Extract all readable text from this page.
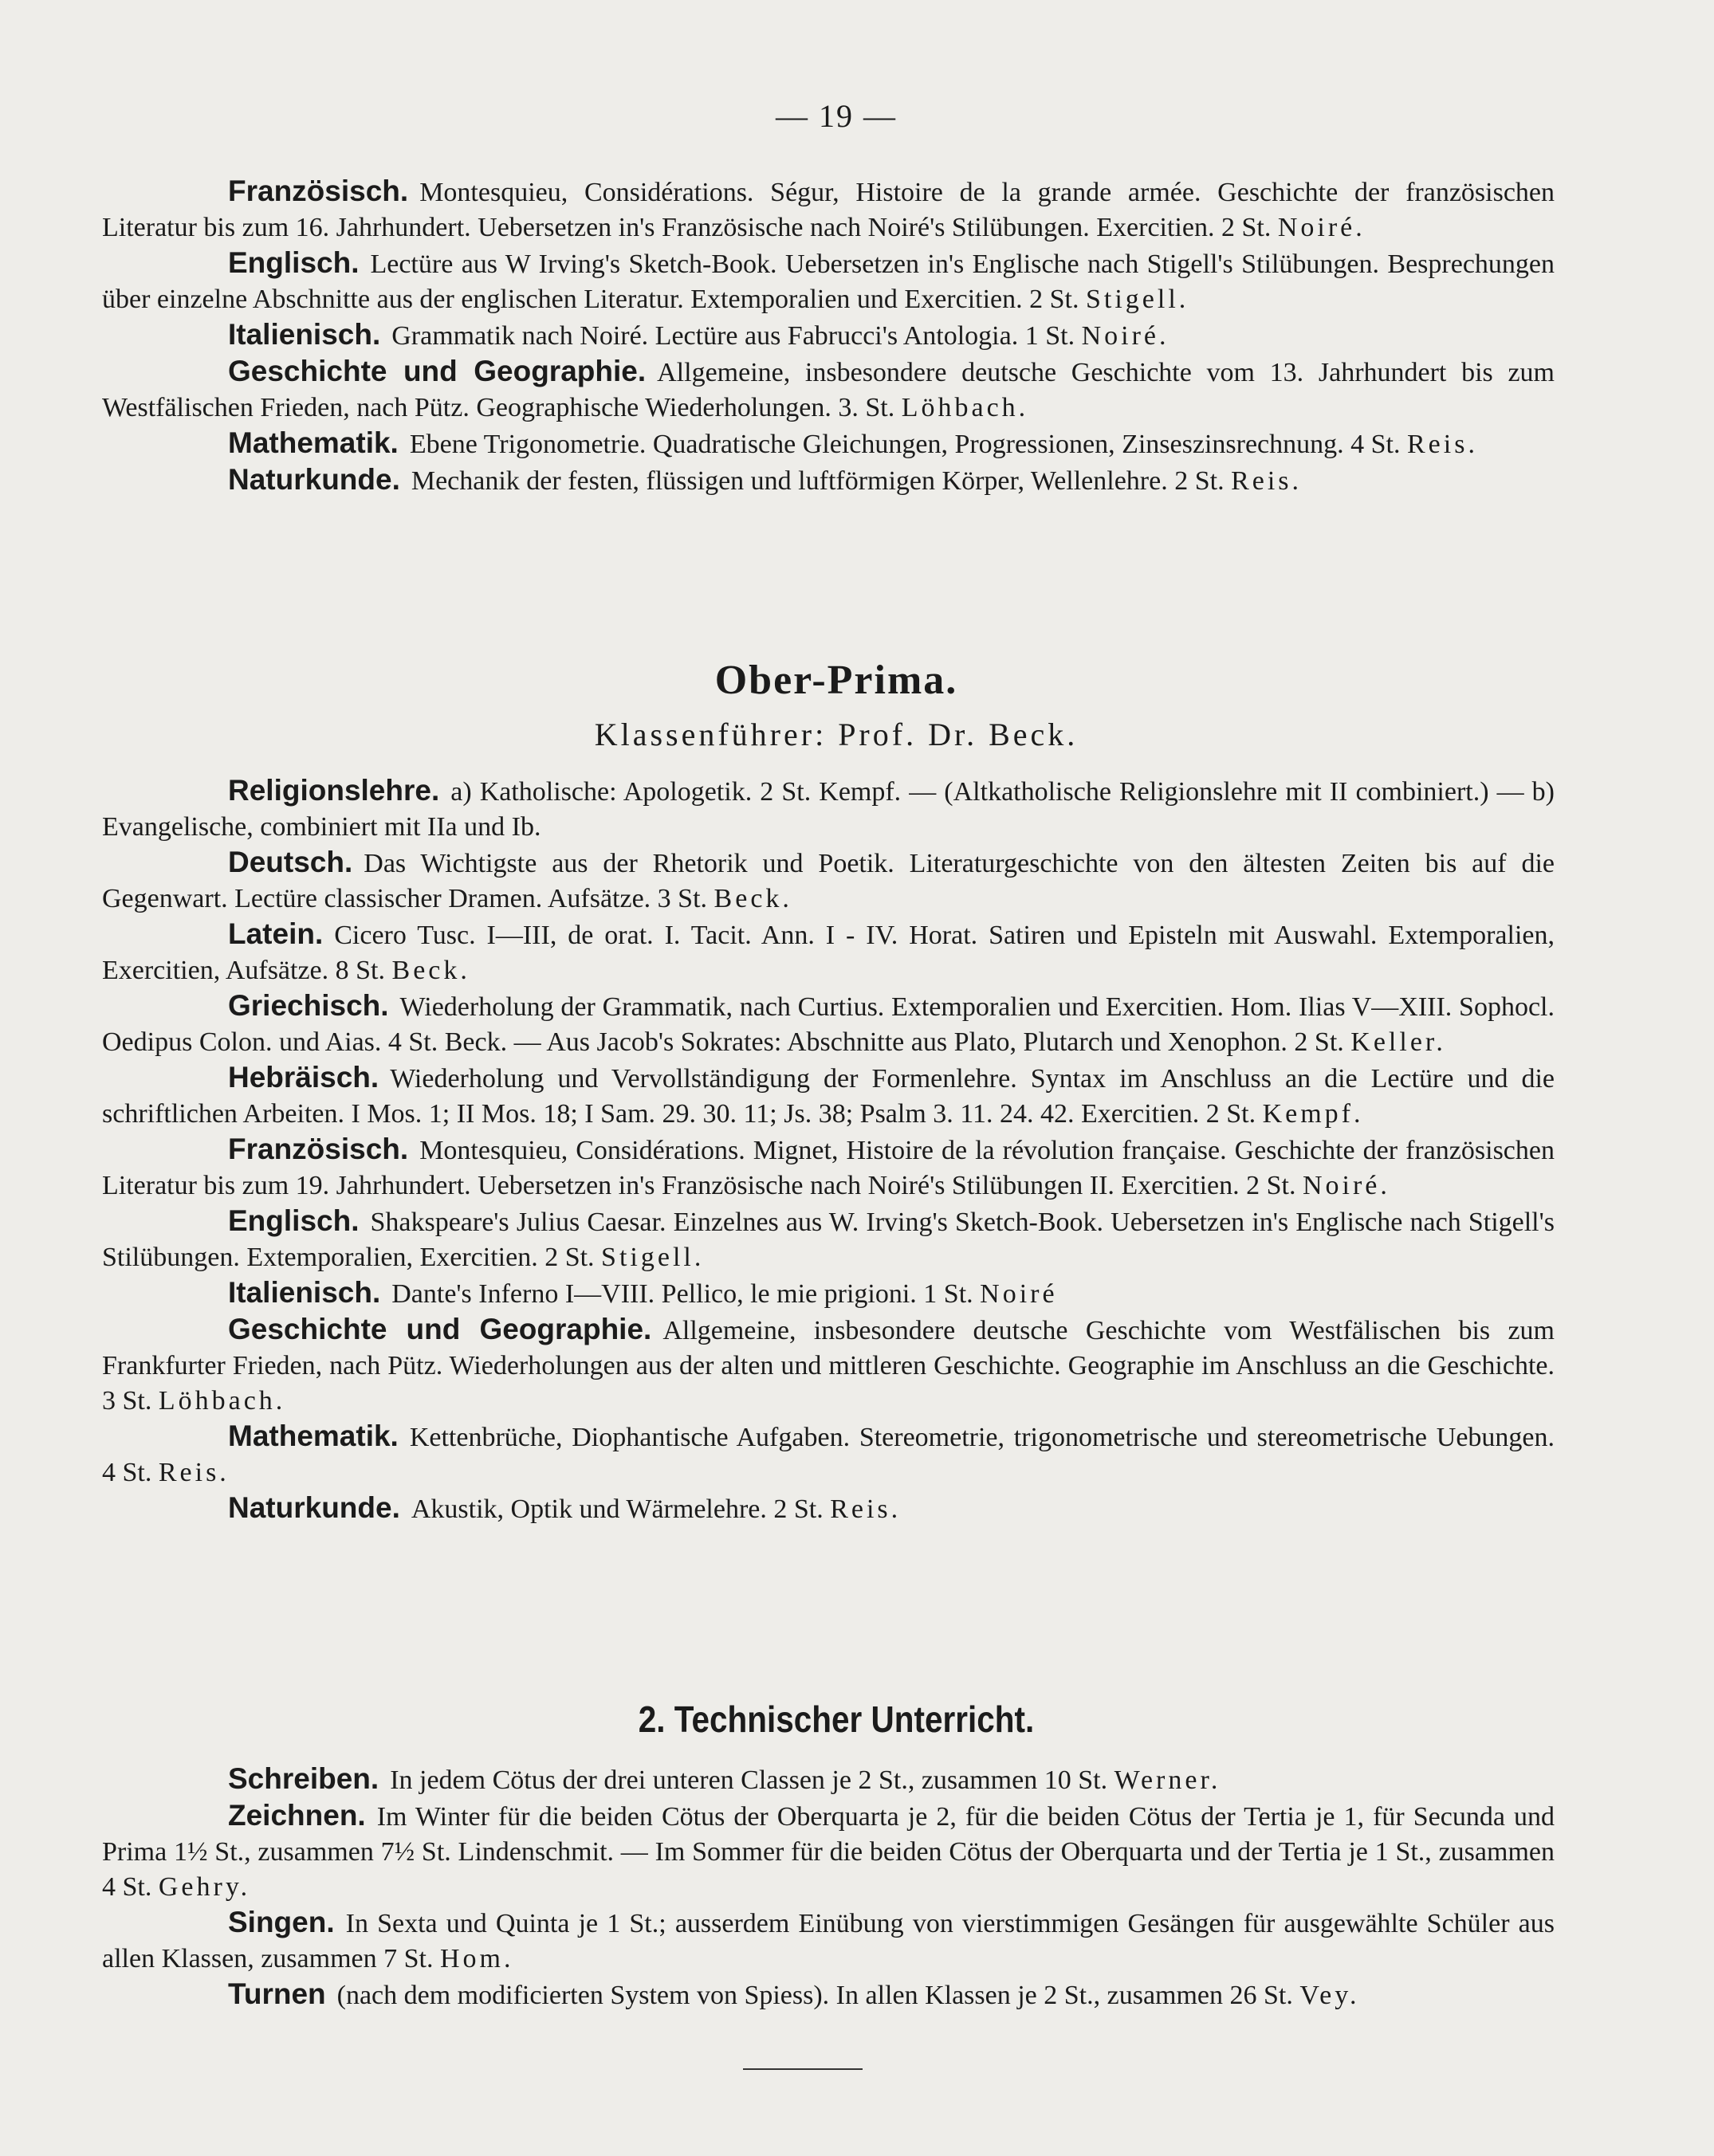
— 19 —

Französisch. Montesquieu, Considérations. Ségur, Histoire de la grande armée. Geschichte der französischen Literatur bis zum 16. Jahrhundert. Uebersetzen in's Französische nach Noiré's Stilübungen. Exercitien. 2 St. Noiré.

Englisch. Lectüre aus W Irving's Sketch-Book. Uebersetzen in's Englische nach Stigell's Stilübungen. Besprechungen über einzelne Abschnitte aus der englischen Literatur. Extemporalien und Exercitien. 2 St. Stigell.

Italienisch. Grammatik nach Noiré. Lectüre aus Fabrucci's Antologia. 1 St. Noiré.

Geschichte und Geographie. Allgemeine, insbesondere deutsche Geschichte vom 13. Jahrhundert bis zum Westfälischen Frieden, nach Pütz. Geographische Wiederholungen. 3. St. Löhbach.

Mathematik. Ebene Trigonometrie. Quadratische Gleichungen, Progressionen, Zinseszinsrechnung. 4 St. Reis.

Naturkunde. Mechanik der festen, flüssigen und luftförmigen Körper, Wellenlehre. 2 St. Reis.

Ober-Prima.
Klassenführer: Prof. Dr. Beck.

Religionslehre. a) Katholische: Apologetik. 2 St. Kempf. — (Altkatholische Religionslehre mit II combiniert.) — b) Evangelische, combiniert mit IIa und Ib.

Deutsch. Das Wichtigste aus der Rhetorik und Poetik. Literaturgeschichte von den ältesten Zeiten bis auf die Gegenwart. Lectüre classischer Dramen. Aufsätze. 3 St. Beck.

Latein. Cicero Tusc. I—III, de orat. I. Tacit. Ann. I - IV. Horat. Satiren und Episteln mit Auswahl. Extemporalien, Exercitien, Aufsätze. 8 St. Beck.

Griechisch. Wiederholung der Grammatik, nach Curtius. Extemporalien und Exercitien. Hom. Ilias V—XIII. Sophocl. Oedipus Colon. und Aias. 4 St. Beck. — Aus Jacob's Sokrates: Abschnitte aus Plato, Plutarch und Xenophon. 2 St. Keller.

Hebräisch. Wiederholung und Vervollständigung der Formenlehre. Syntax im Anschluss an die Lectüre und die schriftlichen Arbeiten. I Mos. 1; II Mos. 18; I Sam. 29. 30. 11; Js. 38; Psalm 3. 11. 24. 42. Exercitien. 2 St. Kempf.

Französisch. Montesquieu, Considérations. Mignet, Histoire de la révolution française. Geschichte der französischen Literatur bis zum 19. Jahrhundert. Uebersetzen in's Französische nach Noiré's Stilübungen II. Exercitien. 2 St. Noiré.

Englisch. Shakspeare's Julius Caesar. Einzelnes aus W. Irving's Sketch-Book. Uebersetzen in's Englische nach Stigell's Stilübungen. Extemporalien, Exercitien. 2 St. Stigell.

Italienisch. Dante's Inferno I—VIII. Pellico, le mie prigioni. 1 St. Noiré

Geschichte und Geographie. Allgemeine, insbesondere deutsche Geschichte vom Westfälischen bis zum Frankfurter Frieden, nach Pütz. Wiederholungen aus der alten und mittleren Geschichte. Geographie im Anschluss an die Geschichte. 3 St. Löhbach.

Mathematik. Kettenbrüche, Diophantische Aufgaben. Stereometrie, trigonometrische und stereometrische Uebungen. 4 St. Reis.

Naturkunde. Akustik, Optik und Wärmelehre. 2 St. Reis.

2. Technischer Unterricht.

Schreiben. In jedem Cötus der drei unteren Classen je 2 St., zusammen 10 St. Werner.

Zeichnen. Im Winter für die beiden Cötus der Oberquarta je 2, für die beiden Cötus der Tertia je 1, für Secunda und Prima 1½ St., zusammen 7½ St. Lindenschmit. — Im Sommer für die beiden Cötus der Oberquarta und der Tertia je 1 St., zusammen 4 St. Gehry.

Singen. In Sexta und Quinta je 1 St.; ausserdem Einübung von vierstimmigen Gesängen für ausgewählte Schüler aus allen Klassen, zusammen 7 St. Hom.

Turnen (nach dem modificierten System von Spiess). In allen Klassen je 2 St., zusammen 26 St. Vey.
